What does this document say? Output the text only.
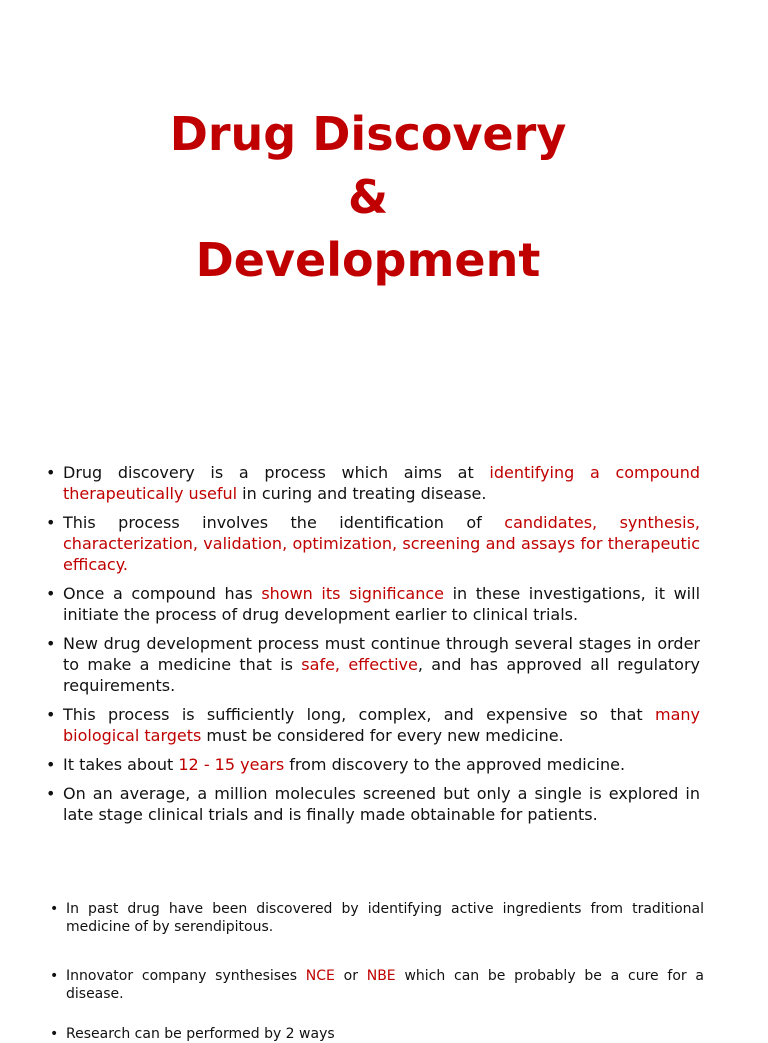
Drug Discovery
&
Development
• Drug discovery is a process which aims at identifying a compound therapeutically useful in curing and treating disease.
• This process involves the identification of candidates, synthesis, characterization, validation, optimization, screening and assays for therapeutic efficacy.
• Once a compound has shown its significance in these investigations, it will initiate the process of drug development earlier to clinical trials.
• New drug development process must continue through several stages in order to make a medicine that is safe, effective, and has approved all regulatory requirements.
• This process is sufficiently long, complex, and expensive so that many biological targets must be considered for every new medicine.
• It takes about 12 - 15 years from discovery to the approved medicine.
• On an average, a million molecules screened but only a single is explored in late stage clinical trials and is finally made obtainable for patients.
• In past drug have been discovered by identifying active ingredients from traditional medicine of by serendipitous.
• Innovator company synthesises NCE or NBE which can be probably be a cure for a disease.
• Research can be performed by 2 ways
